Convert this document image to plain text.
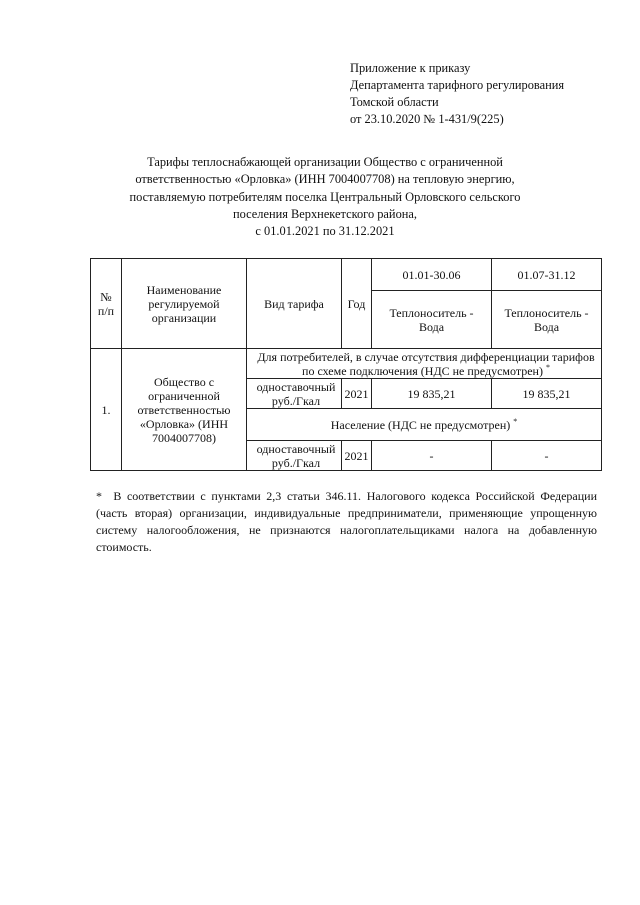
Приложение к приказу
Департамента тарифного регулирования
Томской области
от 23.10.2020 № 1-431/9(225)
Тарифы теплоснабжающей организации Общество с ограниченной
ответственностью «Орловка» (ИНН 7004007708) на тепловую энергию,
поставляемую потребителям поселка Центральный Орловского сельского
поселения Верхнекетского района,
с 01.01.2021 по 31.12.2021
№ п/п	Наименование регулируемой организации	Вид тарифа	Год	01.01-30.06	01.07-31.12
				Теплоноситель - Вода	Теплоноситель - Вода
1.	Общество с ограниченной ответственностью «Орловка» (ИНН 7004007708)	Для потребителей, в случае отсутствия дифференциации тарифов по схеме подключения (НДС не предусмотрен) *
		одноставочный руб./Гкал	2021	19 835,21	19 835,21
		Население (НДС не предусмотрен) *
		одноставочный руб./Гкал	2021	-	-
* В соответствии с пунктами 2,3 статьи 346.11. Налогового кодекса Российской Федерации (часть вторая) организации, индивидуальные предприниматели, применяющие упрощенную систему налогообложения, не признаются налогоплательщиками налога на добавленную стоимость.
